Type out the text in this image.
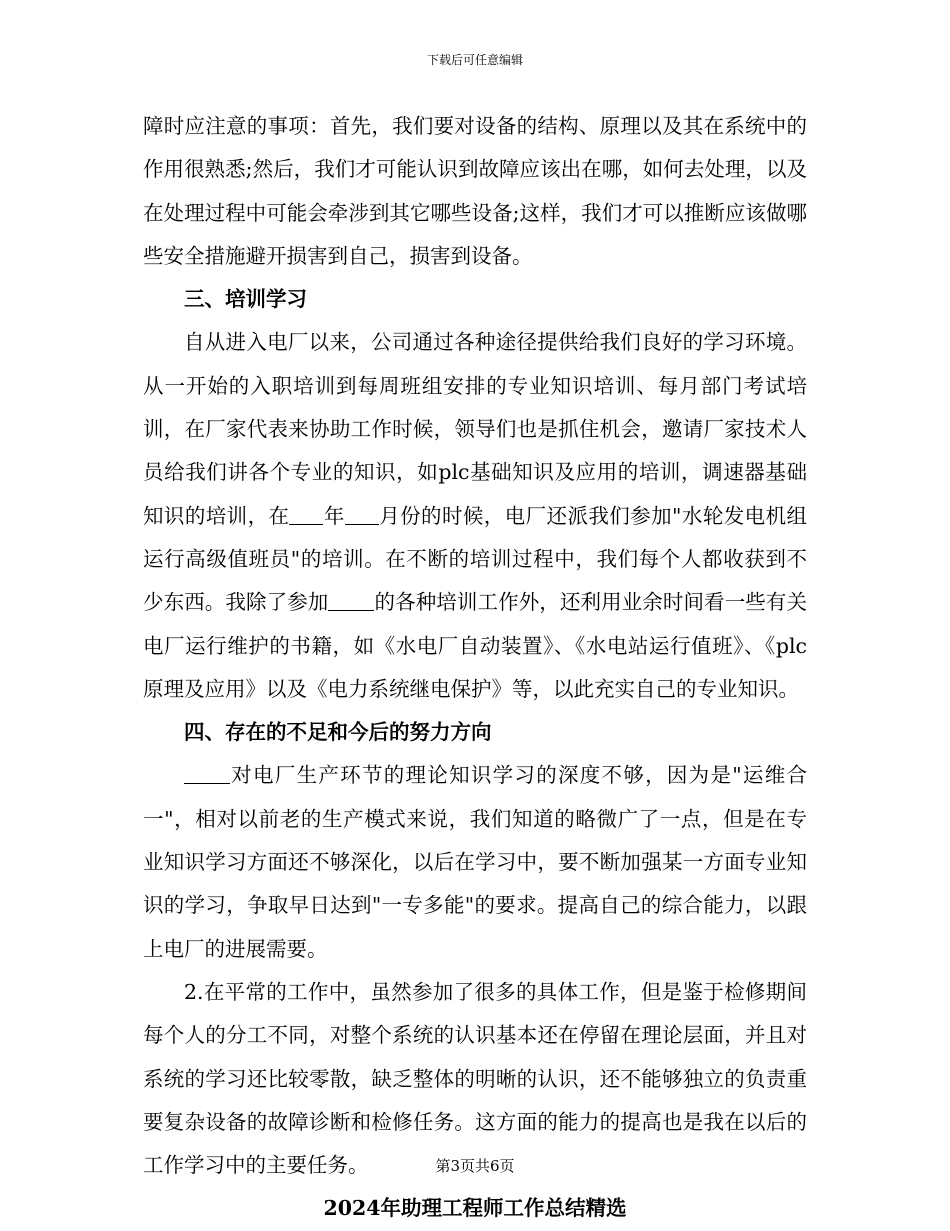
下载后可任意编辑

障时应注意的事项：首先，我们要对设备的结构、原理以及其在系统中的作用很熟悉;然后，我们才可能认识到故障应该出在哪，如何去处理，以及在处理过程中可能会牵涉到其它哪些设备;这样，我们才可以推断应该做哪些安全措施避开损害到自己，损害到设备。

三、培训学习

自从进入电厂以来，公司通过各种途径提供给我们良好的学习环境。从一开始的入职培训到每周班组安排的专业知识培训、每月部门考试培训，在厂家代表来协助工作时候，领导们也是抓住机会，邀请厂家技术人员给我们讲各个专业的知识，如plc基础知识及应用的培训，调速器基础知识的培训，在 年 月份的时候，电厂还派我们参加"水轮发电机组运行高级值班员"的培训。在不断的培训过程中，我们每个人都收获到不少东西。我除了参加 的各种培训工作外，还利用业余时间看一些有关电厂运行维护的书籍，如《水电厂自动装置》、《水电站运行值班》、《plc原理及应用》以及《电力系统继电保护》等，以此充实自己的专业知识。

四、存在的不足和今后的努力方向

对电厂生产环节的理论知识学习的深度不够，因为是"运维合一"，相对以前老的生产模式来说，我们知道的略微广了一点，但是在专业知识学习方面还不够深化，以后在学习中，要不断加强某一方面专业知识的学习，争取早日达到"一专多能"的要求。提高自己的综合能力，以跟上电厂的进展需要。

2.在平常的工作中，虽然参加了很多的具体工作，但是鉴于检修期间每个人的分工不同，对整个系统的认识基本还在停留在理论层面，并且对系统的学习还比较零散，缺乏整体的明晰的认识，还不能够独立的负责重要复杂设备的故障诊断和检修任务。这方面的能力的提高也是我在以后的工作学习中的主要任务。

2024年助理工程师工作总结精选

第3页共6页
